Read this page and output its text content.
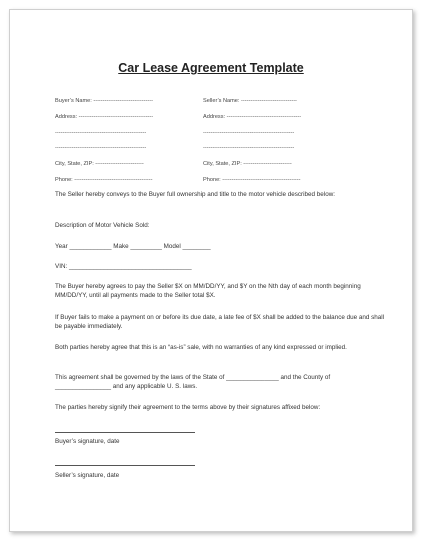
Car Lease Agreement Template
Buyer’s Name: --------------------------------	Seller’s Name: ------------------------------
Address: ----------------------------------------	Address: ----------------------------------------
-------------------------------------------------	-------------------------------------------------
-------------------------------------------------	-------------------------------------------------
City, State, ZIP: --------------------------	City, State, ZIP: --------------------------
Phone: ------------------------------------------	Phone: ------------------------------------------

The Seller hereby conveys to the Buyer full ownership and title to the motor vehicle described below:

Description of Motor Vehicle Sold:

Year ____________ Make _________ Model ________

VIN: ___________________________________

The Buyer hereby agrees to pay the Seller $X on MM/DD/YY, and $Y on the Nth day of each month beginning MM/DD/YY, until all payments made to the Seller total $X.

If Buyer fails to make a payment on or before its due date, a late fee of $X shall be added to the balance due and shall be payable immediately.

Both parties hereby agree that this is an “as-is” sale, with no warranties of any kind expressed or implied.

This agreement shall be governed by the laws of the State of _______________ and the County of ________________ and any applicable U. S. laws.

The parties hereby signify their agreement to the terms above by their signatures affixed below:

Buyer’s signature, date

Seller’s signature, date
